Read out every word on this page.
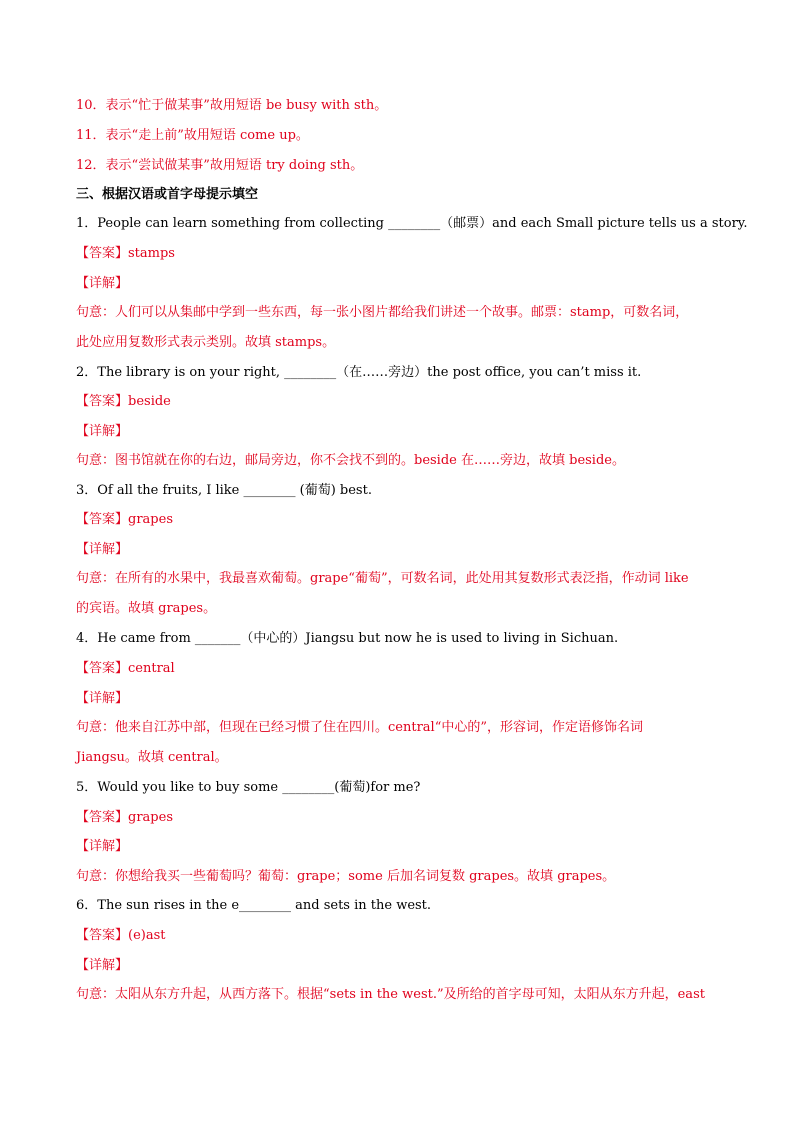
10．表示“忙于做某事”故用短语 be busy with sth。
11．表示“走上前”故用短语 come up。
12．表示“尝试做某事”故用短语 try doing sth。
三、根据汉语或首字母提示填空
1．People can learn something from collecting ________（邮票）and each Small picture tells us a story.
【答案】stamps
【详解】
句意：人们可以从集邮中学到一些东西，每一张小图片都给我们讲述一个故事。邮票：stamp，可数名词，
此处应用复数形式表示类别。故填 stamps。
2．The library is on your right, ________（在……旁边）the post office, you can’t miss it.
【答案】beside
【详解】
句意：图书馆就在你的右边，邮局旁边，你不会找不到的。beside 在……旁边，故填 beside。
3．Of all the fruits, I like ________ (葡萄) best.
【答案】grapes
【详解】
句意：在所有的水果中，我最喜欢葡萄。grape“葡萄”，可数名词，此处用其复数形式表泛指，作动词 like
的宾语。故填 grapes。
4．He came from _______（中心的）Jiangsu but now he is used to living in Sichuan.
【答案】central
【详解】
句意：他来自江苏中部，但现在已经习惯了住在四川。central“中心的”，形容词，作定语修饰名词
Jiangsu。故填 central。
5．Would you like to buy some ________(葡萄)for me?
【答案】grapes
【详解】
句意：你想给我买一些葡萄吗？葡萄：grape；some 后加名词复数 grapes。故填 grapes。
6．The sun rises in the e________ and sets in the west.
【答案】(e)ast
【详解】
句意：太阳从东方升起，从西方落下。根据“sets in the west.”及所给的首字母可知，太阳从东方升起，east
